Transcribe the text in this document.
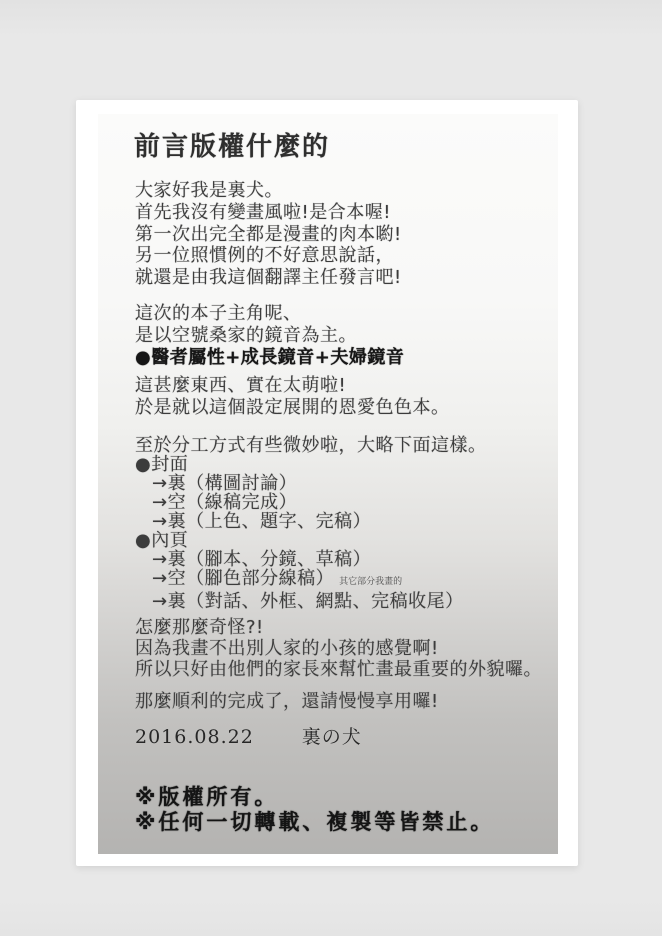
前言版權什麼的
大家好我是裏犬。
首先我沒有變畫風啦!是合本喔!
第一次出完全都是漫畫的肉本喲!
另一位照慣例的不好意思說話，
就還是由我這個翻譯主任發言吧!
這次的本子主角呢、
是以空號桑家的鏡音為主。
●醫者屬性+成長鏡音+夫婦鏡音
這甚麼東西、實在太萌啦!
於是就以這個設定展開的恩愛色色本。
至於分工方式有些微妙啦，大略下面這樣。
●封面
→裏（構圖討論）
→空（線稿完成）
→裏（上色、題字、完稿）
●內頁
→裏（腳本、分鏡、草稿）
→空（腳色部分線稿） 其它部分我畫的
→裏（對話、外框、網點、完稿收尾）
怎麼那麼奇怪?!
因為我畫不出別人家的小孩的感覺啊!
所以只好由他們的家長來幫忙畫最重要的外貌囉。
那麼順利的完成了，還請慢慢享用囉!
2016.08.22	裏の犬
※版權所有。
※任何一切轉載、複製等皆禁止。
